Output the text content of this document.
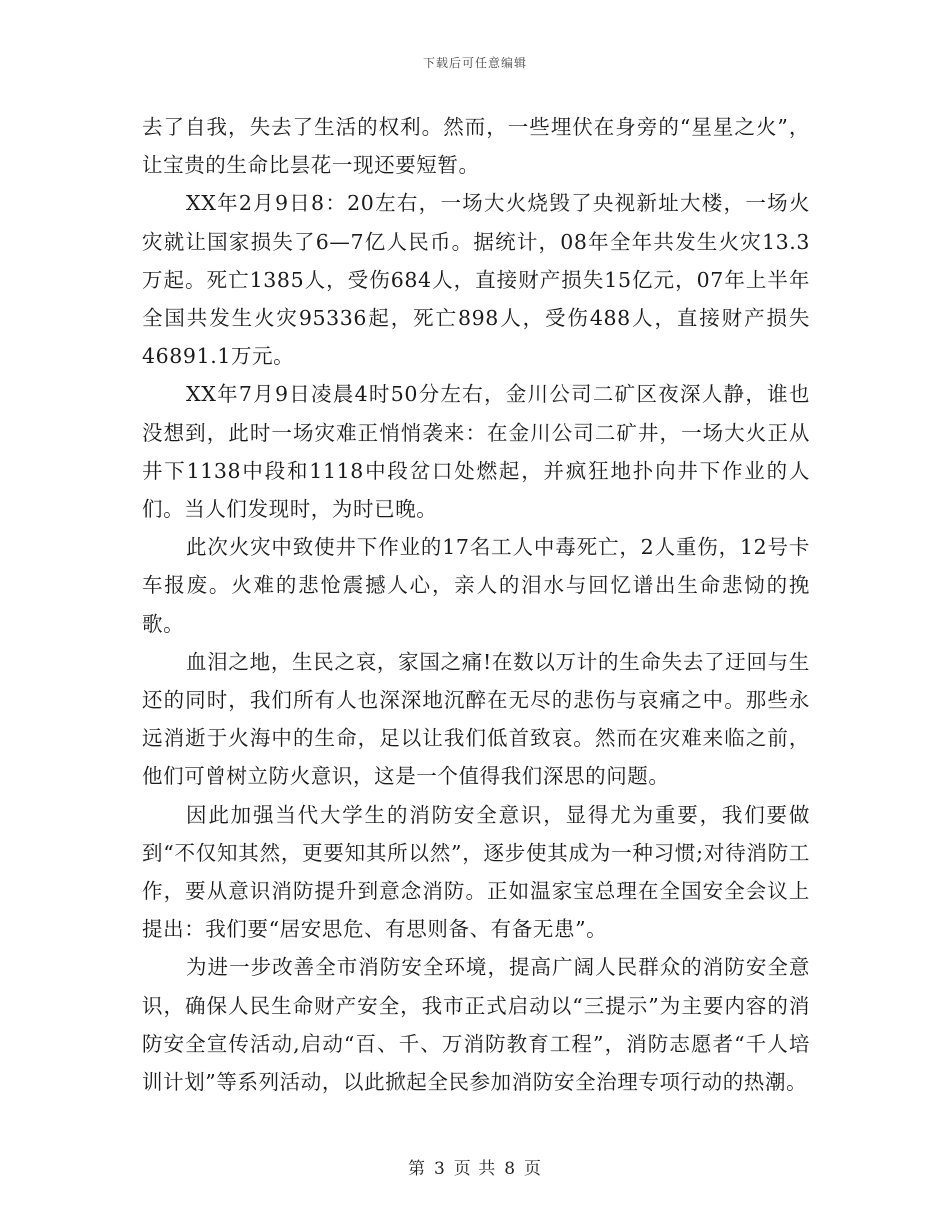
下载后可任意编辑

去了自我，失去了生活的权利。然而，一些埋伏在身旁的“星星之火”，让宝贵的生命比昙花一现还要短暂。

XX年2月9日8：20左右，一场大火烧毁了央视新址大楼，一场火灾就让国家损失了6—7亿人民币。据统计，08年全年共发生火灾13.3万起。死亡1385人，受伤684人，直接财产损失15亿元，07年上半年全国共发生火灾95336起，死亡898人，受伤488人，直接财产损失46891.1万元。

XX年7月9日凌晨4时50分左右，金川公司二矿区夜深人静，谁也没想到，此时一场灾难正悄悄袭来：在金川公司二矿井，一场大火正从井下1138中段和1118中段岔口处燃起，并疯狂地扑向井下作业的人们。当人们发现时，为时已晚。

此次火灾中致使井下作业的17名工人中毒死亡，2人重伤，12号卡车报废。火难的悲怆震撼人心，亲人的泪水与回忆谱出生命悲恸的挽歌。

血泪之地，生民之哀，家国之痛!在数以万计的生命失去了迂回与生还的同时，我们所有人也深深地沉醉在无尽的悲伤与哀痛之中。那些永远消逝于火海中的生命，足以让我们低首致哀。然而在灾难来临之前，他们可曾树立防火意识，这是一个值得我们深思的问题。

因此加强当代大学生的消防安全意识，显得尤为重要，我们要做到“不仅知其然，更要知其所以然”，逐步使其成为一种习惯;对待消防工作，要从意识消防提升到意念消防。正如温家宝总理在全国安全会议上提出：我们要“居安思危、有思则备、有备无患”。

为进一步改善全市消防安全环境，提高广阔人民群众的消防安全意识，确保人民生命财产安全，我市正式启动以“三提示”为主要内容的消防安全宣传活动,启动“百、千、万消防教育工程”，消防志愿者“千人培训计划”等系列活动，以此掀起全民参加消防安全治理专项行动的热潮。

第 3 页 共 8 页
